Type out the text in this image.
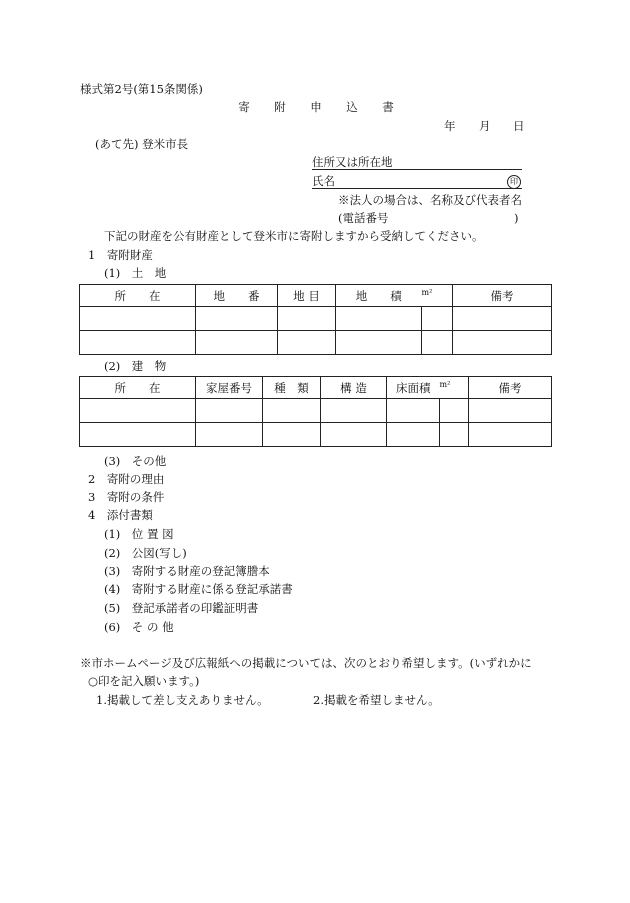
様式第2号(第15条関係)
寄 附 申 込 書
年 月 日
(あて先) 登米市長
住所又は所在地
氏名	印
※法人の場合は、名称及び代表者名
(電話番号	)
下記の財産を公有財産として登米市に寄附しますから受納してください。
1　寄附財産
(1)　土　地
所　　在	地　　番	地 目	地　　積	$^{m^2}$	備考

(2)　建　物
所　　在	家屋番号	種　類	構 造	床面積	$^{m^2}$	備考

(3)　その他
2　寄附の理由
3　寄附の条件
4　添付書類
(1)　位 置 図
(2)　公図(写し)
(3)　寄附する財産の登記簿謄本
(4)　寄附する財産に係る登記承諾書
(5)　登記承諾者の印鑑証明書
(6)　そ の 他
※市ホームページ及び広報紙への掲載については、次のとおり希望します。(いずれかに
○印を記入願います。)
1.掲載して差し支えありません。	2.掲載を希望しません。
